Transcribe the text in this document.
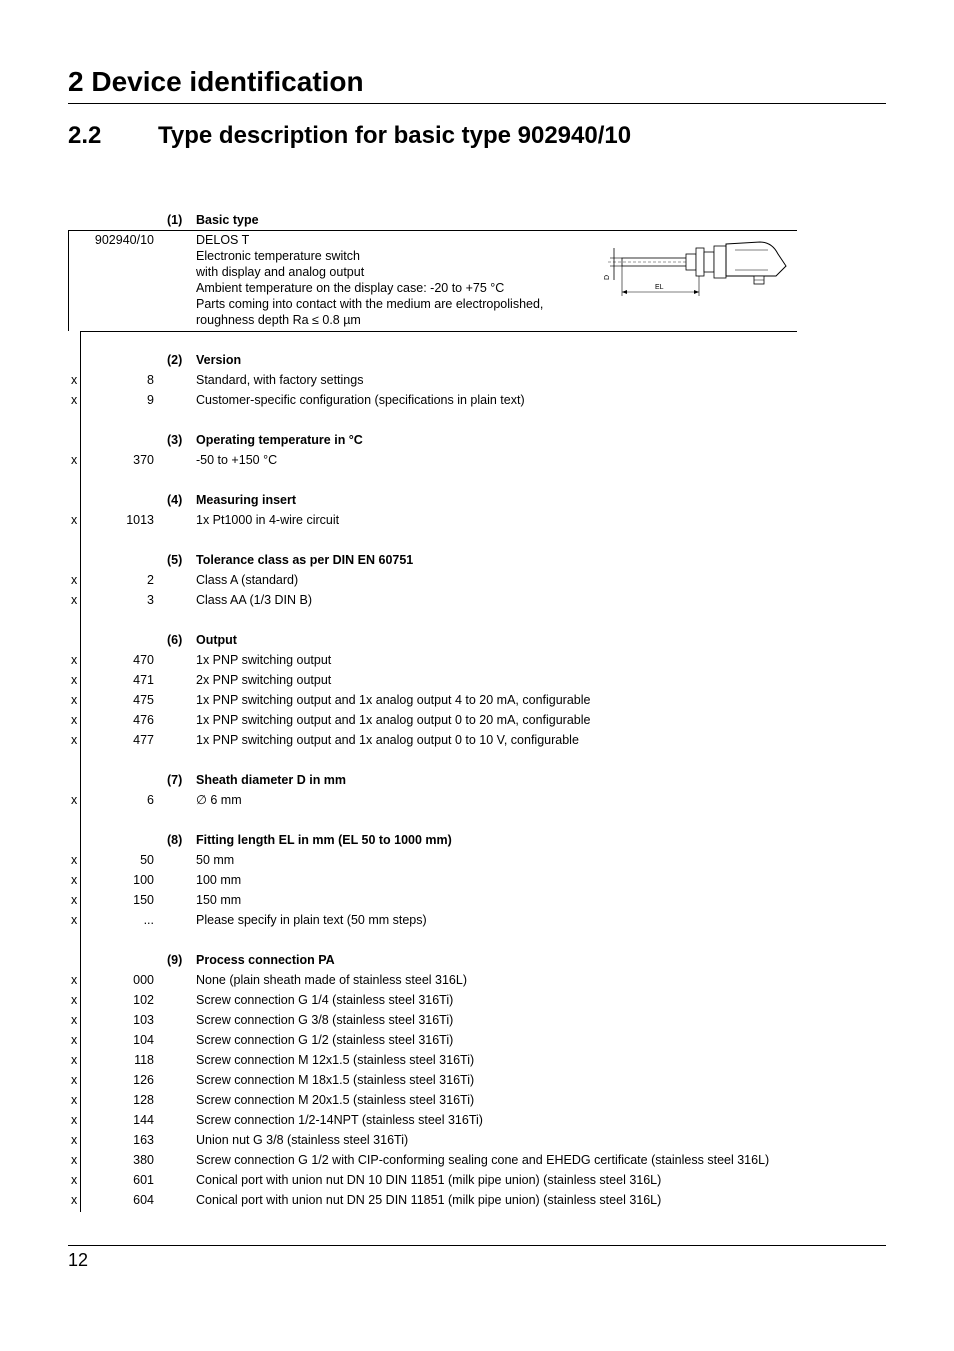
2 Device identification
2.2 Type description for basic type 902940/10
(1) Basic type
902940/10	DELOS T
Electronic temperature switch
with display and analog output
Ambient temperature on the display case: -20 to +75 °C
Parts coming into contact with the medium are electropolished,
roughness depth Ra ≤ 0.8 µm
D
EL
(2) Version
x	8	Standard, with factory settings
x	9	Customer-specific configuration (specifications in plain text)
(3) Operating temperature in °C
x	370	-50 to +150 °C
(4) Measuring insert
x	1013	1x Pt1000 in 4-wire circuit
(5) Tolerance class as per DIN EN 60751
x	2	Class A (standard)
x	3	Class AA (1/3 DIN B)
(6) Output
x	470	1x PNP switching output
x	471	2x PNP switching output
x	475	1x PNP switching output and 1x analog output 4 to 20 mA, configurable
x	476	1x PNP switching output and 1x analog output 0 to 20 mA, configurable
x	477	1x PNP switching output and 1x analog output 0 to 10 V, configurable
(7) Sheath diameter D in mm
x	6	∅ 6 mm
(8) Fitting length EL in mm (EL 50 to 1000 mm)
x	50	50 mm
x	100	100 mm
x	150	150 mm
x	...	Please specify in plain text (50 mm steps)
(9) Process connection PA
x	000	None (plain sheath made of stainless steel 316L)
x	102	Screw connection G 1/4 (stainless steel 316Ti)
x	103	Screw connection G 3/8 (stainless steel 316Ti)
x	104	Screw connection G 1/2 (stainless steel 316Ti)
x	118	Screw connection M 12x1.5 (stainless steel 316Ti)
x	126	Screw connection M 18x1.5 (stainless steel 316Ti)
x	128	Screw connection M 20x1.5 (stainless steel 316Ti)
x	144	Screw connection 1/2-14NPT (stainless steel 316Ti)
x	163	Union nut G 3/8 (stainless steel 316Ti)
x	380	Screw connection G 1/2 with CIP-conforming sealing cone and EHEDG certificate (stainless steel 316L)
x	601	Conical port with union nut DN 10 DIN 11851 (milk pipe union) (stainless steel 316L)
x	604	Conical port with union nut DN 25 DIN 11851 (milk pipe union) (stainless steel 316L)
12
